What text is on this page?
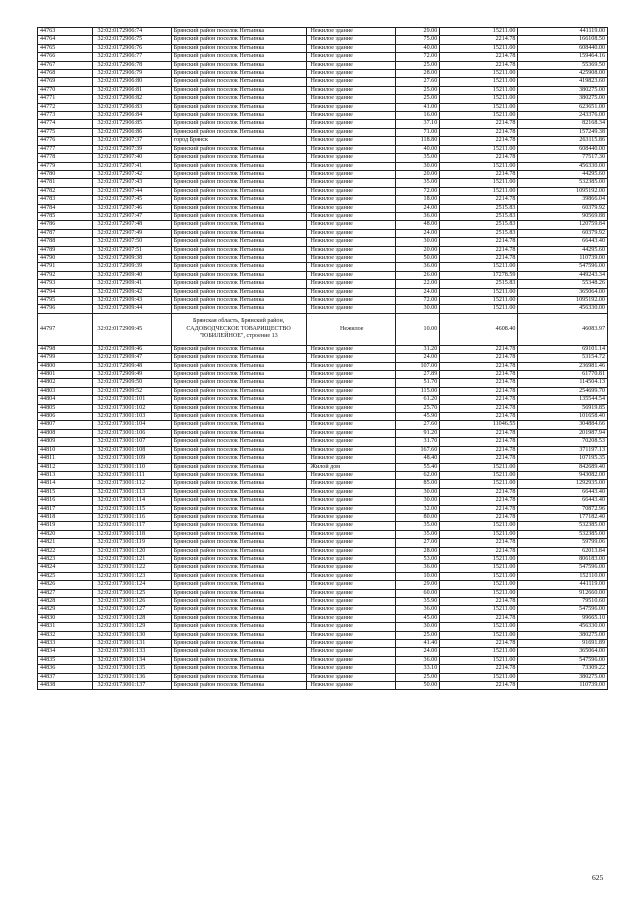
44763	32:02:0172906:74	Брянский район поселок Нетьинка	Нежилое здание	29.00	15211.00	441119.00
44764	32:02:0172906:75	Брянский район поселок Нетьинка	Нежилое здание	75.00	2214.78	166108.50
44765	32:02:0172906:76	Брянский район поселок Нетьинка	Нежилое здание	40.00	15211.00	608440.00
44766	32:02:0172906:77	Брянский район поселок Нетьинка	Нежилое здание	72.00	2214.78	159464.16
44767	32:02:0172906:78	Брянский район поселок Нетьинка	Нежилое здание	25.00	2214.78	55369.50
44768	32:02:0172906:79	Брянский район поселок Нетьинка	Нежилое здание	28.00	15211.00	425908.00
44769	32:02:0172906:80	Брянский район поселок Нетьинка	Нежилое здание	27.60	15211.00	419823.60
44770	32:02:0172906:81	Брянский район поселок Нетьинка	Нежилое здание	25.00	15211.00	380275.00
44771	32:02:0172906:82	Брянский район поселок Нетьинка	Нежилое здание	25.00	15211.00	380275.00
44772	32:02:0172906:83	Брянский район поселок Нетьинка	Нежилое здание	41.00	15211.00	623651.00
44773	32:02:0172906:84	Брянский район поселок Нетьинка	Нежилое здание	16.00	15211.00	243376.00
44774	32:02:0172906:85	Брянский район поселок Нетьинка	Нежилое здание	37.10	2214.78	82168.34
44775	32:02:0172906:86	Брянский район поселок Нетьинка	Нежилое здание	71.00	2214.78	157249.38
44776	32:02:0172907:37	город Брянск	Нежилое здание	118.80	2214.78	263115.86
44777	32:02:0172907:39	Брянский район поселок Нетьинка	Нежилое здание	40.00	15211.00	608440.00
44778	32:02:0172907:40	Брянский район поселок Нетьинка	Нежилое здание	35.00	2214.78	77517.30
44779	32:02:0172907:41	Брянский район поселок Нетьинка	Нежилое здание	30.00	15211.00	456330.00
44780	32:02:0172907:42	Брянский район поселок Нетьинка	Нежилое здание	20.00	2214.78	44295.60
44781	32:02:0172907:43	Брянский район поселок Нетьинка	Нежилое здание	35.00	15211.00	532385.00
44782	32:02:0172907:44	Брянский район поселок Нетьинка	Нежилое здание	72.00	15211.00	1095192.00
44783	32:02:0172907:45	Брянский район поселок Нетьинка	Нежилое здание	18.00	2214.78	39866.04
44784	32:02:0172907:46	Брянский район поселок Нетьинка	Нежилое здание	24.00	2515.83	60379.92
44785	32:02:0172907:47	Брянский район поселок Нетьинка	Нежилое здание	36.00	2515.83	90569.88
44786	32:02:0172907:48	Брянский район поселок Нетьинка	Нежилое здание	48.00	2515.83	120759.84
44787	32:02:0172907:49	Брянский район поселок Нетьинка	Нежилое здание	24.00	2515.83	60379.92
44788	32:02:0172907:50	Брянский район поселок Нетьинка	Нежилое здание	30.00	2214.78	66443.40
44789	32:02:0172907:51	Брянский район поселок Нетьинка	Нежилое здание	20.00	2214.78	44295.60
44790	32:02:0172909:38	Брянский район поселок Нетьинка	Нежилое здание	50.00	2214.78	110739.00
44791	32:02:0172909:39	Брянский район поселок Нетьинка	Нежилое здание	36.00	15211.00	547596.00
44792	32:02:0172909:40	Брянский район поселок Нетьинка	Нежилое здание	26.00	17278.59	449243.34
44793	32:02:0172909:41	Брянский район поселок Нетьинка	Нежилое здание	22.00	2515.83	55348.26
44794	32:02:0172909:42	Брянский район поселок Нетьинка	Нежилое здание	24.00	15211.00	365064.00
44795	32:02:0172909:43	Брянский район поселок Нетьинка	Нежилое здание	72.00	15211.00	1095192.00
44796	32:02:0172909:44	Брянский район поселок Нетьинка	Нежилое здание	30.00	15211.00	456330.00
44797	32:02:0172909:45	Брянская область, Брянский район, САДОВОДЧЕСКОЕ ТОВАРИЩЕСТВО "ЮБИЛЕЙНОЕ", строение 13	Нежилое	10.00	4608.40	46083.97
44798	32:02:0172909:46	Брянский район поселок Нетьинка	Нежилое здание	31.20	2214.78	69101.14
44799	32:02:0172909:47	Брянский район поселок Нетьинка	Нежилое здание	24.00	2214.78	53154.72
44800	32:02:0172909:48	Брянский район поселок Нетьинка	Нежилое здание	107.00	2214.78	236981.46
44801	32:02:0172909:49	Брянский район поселок Нетьинка	Нежилое здание	27.89	2214.78	61770.81
44802	32:02:0172909:50	Брянский район поселок Нетьинка	Нежилое здание	51.70	2214.78	114504.13
44803	32:02:0172909:52	Брянский район поселок Нетьинка	Нежилое здание	115.00	2214.78	254699.70
44804	32:02:0173001:101	Брянский район поселок Нетьинка	Нежилое здание	61.20	2214.78	135544.54
44805	32:02:0173001:102	Брянский район поселок Нетьинка	Нежилое здание	25.70	2214.78	56919.85
44806	32:02:0173001:103	Брянский район поселок Нетьинка	Нежилое здание	45.90	2214.78	101658.40
44807	32:02:0173001:104	Брянский район поселок Нетьинка	Нежилое здание	27.60	11046.55	304884.66
44808	32:02:0173001:106	Брянский район поселок Нетьинка	Нежилое здание	91.20	2214.78	201987.94
44809	32:02:0173001:107	Брянский район поселок Нетьинка	Нежилое здание	31.70	2214.78	70208.53
44810	32:02:0173001:108	Брянский район поселок Нетьинка	Нежилое здание	167.60	2214.78	371197.13
44811	32:02:0173001:109	Брянский район поселок Нетьинка	Нежилое здание	48.40	2214.78	107195.35
44812	32:02:0173001:110	Брянский район поселок Нетьинка	Жилой дом	55.40	15211.00	842689.40
44813	32:02:0173001:111	Брянский район поселок Нетьинка	Нежилое здание	62.00	15211.00	943082.00
44814	32:02:0173001:112	Брянский район поселок Нетьинка	Нежилое здание	85.00	15211.00	1292935.00
44815	32:02:0173001:113	Брянский район поселок Нетьинка	Нежилое здание	30.00	2214.78	66443.40
44816	32:02:0173001:114	Брянский район поселок Нетьинка	Нежилое здание	30.00	2214.78	66443.40
44817	32:02:0173001:115	Брянский район поселок Нетьинка	Нежилое здание	32.00	2214.78	70872.96
44818	32:02:0173001:116	Брянский район поселок Нетьинка	Нежилое здание	80.00	2214.78	177182.40
44819	32:02:0173001:117	Брянский район поселок Нетьинка	Нежилое здание	35.00	15211.00	532385.00
44820	32:02:0173001:118	Брянский район поселок Нетьинка	Нежилое здание	35.00	15211.00	532385.00
44821	32:02:0173001:119	Брянский район поселок Нетьинка	Нежилое здание	27.00	2214.78	59799.06
44822	32:02:0173001:120	Брянский район поселок Нетьинка	Нежилое здание	28.00	2214.78	62013.84
44823	32:02:0173001:121	Брянский район поселок Нетьинка	Нежилое здание	53.00	15211.00	806183.00
44824	32:02:0173001:122	Брянский район поселок Нетьинка	Нежилое здание	36.00	15211.00	547596.00
44825	32:02:0173001:123	Брянский район поселок Нетьинка	Нежилое здание	10.00	15211.00	152110.00
44826	32:02:0173001:124	Брянский район поселок Нетьинка	Нежилое здание	29.00	15211.00	441119.00
44827	32:02:0173001:125	Брянский район поселок Нетьинка	Нежилое здание	60.00	15211.00	912660.00
44828	32:02:0173001:126	Брянский район поселок Нетьинка	Нежилое здание	35.90	2214.78	79510.60
44829	32:02:0173001:127	Брянский район поселок Нетьинка	Нежилое здание	36.00	15211.00	547596.00
44830	32:02:0173001:128	Брянский район поселок Нетьинка	Нежилое здание	45.00	2214.78	99665.10
44831	32:02:0173001:129	Брянский район поселок Нетьинка	Нежилое здание	30.00	15211.00	456330.00
44832	32:02:0173001:130	Брянский район поселок Нетьинка	Нежилое здание	25.00	15211.00	380275.00
44833	32:02:0173001:131	Брянский район поселок Нетьинка	Нежилое здание	41.40	2214.78	91691.89
44834	32:02:0173001:133	Брянский район поселок Нетьинка	Нежилое здание	24.00	15211.00	365064.00
44835	32:02:0173001:134	Брянский район поселок Нетьинка	Нежилое здание	36.00	15211.00	547596.00
44836	32:02:0173001:135	Брянский район поселок Нетьинка	Нежилое здание	33.10	2214.78	73309.22
44837	32:02:0173001:136	Брянский район поселок Нетьинка	Нежилое здание	25.00	15211.00	380275.00
44838	32:02:0173001:137	Брянский район поселок Нетьинка	Нежилое здание	50.00	2214.78	110739.00
625
